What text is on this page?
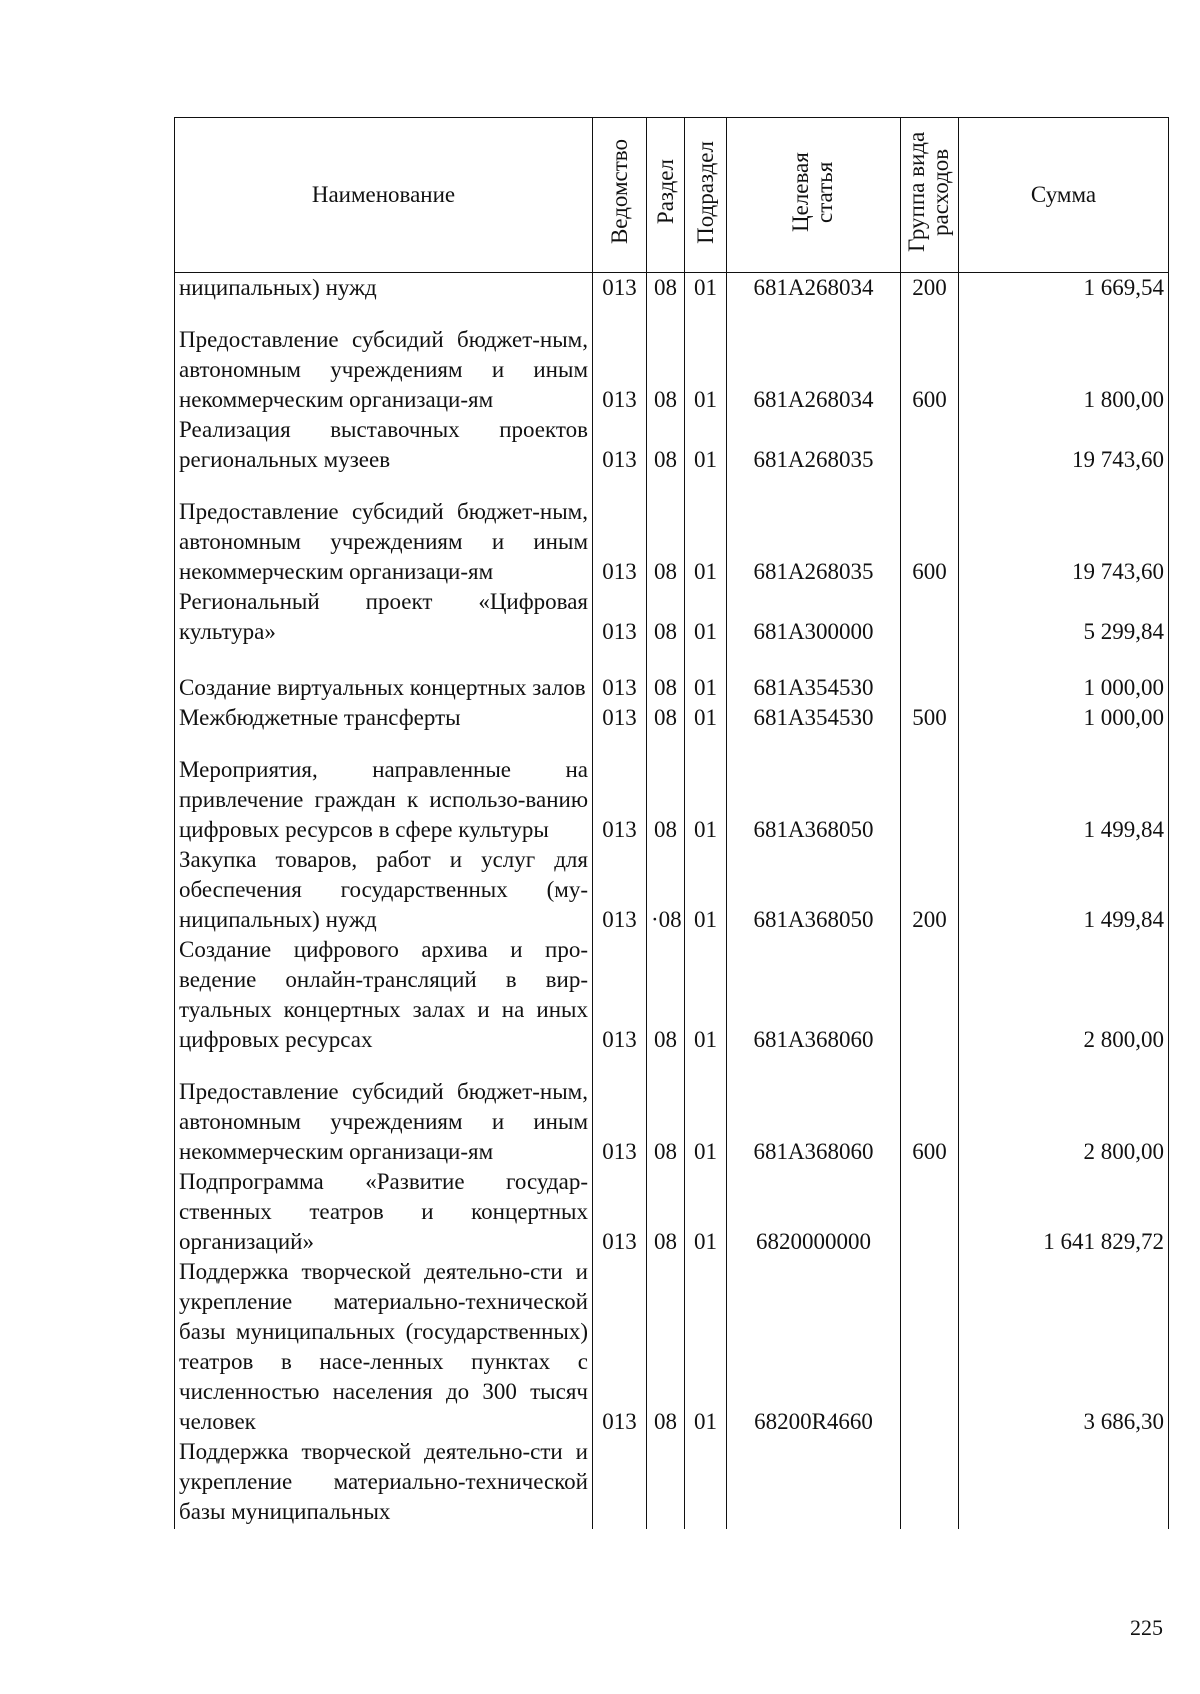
Наименование	Ведомство	Раздел	Подраздел	Целевая статья	Группа вида расходов	Сумма

ниципальных) нужд	013	08	01	681A268034	200	1 669,54

Предоставление субсидий бюджет-ным, автономным учреждениям и иным некоммерческим организаци-ям	013	08	01	681A268034	600	1 800,00

Реализация выставочных проектов региональных музеев	013	08	01	681A268035		19 743,60

Предоставление субсидий бюджет-ным, автономным учреждениям и иным некоммерческим организаци-ям	013	08	01	681A268035	600	19 743,60

Региональный проект «Цифровая культура»	013	08	01	681A300000		5 299,84

Создание виртуальных концертных залов	013	08	01	681A354530		1 000,00

Межбюджетные трансферты	013	08	01	681A354530	500	1 000,00

Мероприятия, направленные на привлечение граждан к использо-ванию цифровых ресурсов в сфере культуры	013	08	01	681A368050		1 499,84

Закупка товаров, работ и услуг для обеспечения государственных (му-ниципальных) нужд	013	·08	01	681A368050	200	1 499,84

Создание цифрового архива и про-ведение онлайн-трансляций в вир-туальных концертных залах и на иных цифровых ресурсах	013	08	01	681A368060		2 800,00

Предоставление субсидий бюджет-ным, автономным учреждениям и иным некоммерческим организаци-ям	013	08	01	681A368060	600	2 800,00

Подпрограмма «Развитие государ-ственных театров и концертных организаций»	013	08	01	6820000000		1 641 829,72

Поддержка творческой деятельно-сти и укрепление материально-технической базы муниципальных (государственных) театров в насе-ленных пунктах с численностью населения до 300 тысяч человек	013	08	01	68200R4660		3 686,30

Поддержка творческой деятельно-сти и укрепление материально-технической базы муниципальных						

225
